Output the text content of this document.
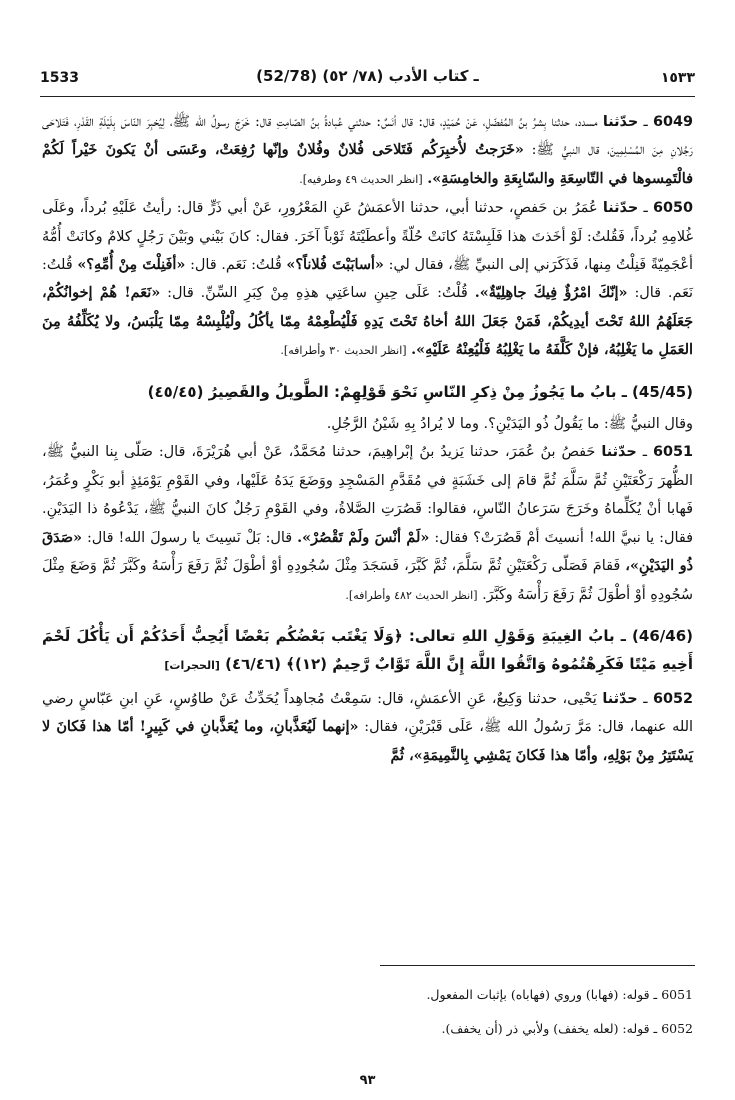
1533	(52/78) ـ كتاب الأدب (٧٨/ ٥٢)	١٥٣٣

6049 ـ حدّثنا مسدد، حدثنا بِشرُ بنُ المُفضّلِ، عَنْ حُمَيْدٍ، قال: قال أنَسٌ: حدثني عُبادةُ بنُ الصّامِتِ قال: خَرَجَ رسولُ الله ﷺ، لِيُخبِرَ النّاسَ بِلَيْلَةِ القَدْرِ، فَتَلاحَى رَجُلانِ مِنَ المُسْلِمِينَ، قال النبيُّ ﷺ: «خَرَجتُ لأُخبِرَكُم فَتَلاحَى فُلانٌ وفُلانٌ وإنّها رُفِعَتْ، وعَسَى أنْ يَكونَ خَيْراً لَكُمْ فالْتَمِسوها في التّاسِعَةِ والسّابِعَةِ والخامِسَةِ». [انظر الحديث ٤٩ وطرفيه].

6050 ـ حدّثنا عُمَرُ بن حَفصٍ، حدثنا أبي، حدثنا الأعمَشُ عَنِ المَعْرُورِ، عَنْ أبي ذَرٍّ قال: رأيتُ عَلَيْهِ بُرداً، وعَلَى غُلامِهِ بُرداً، فَقُلتُ: لَوْ أخَذتَ هذا فَلَبِسْتَهُ كانَتْ حُلّةً وأعطَيْتَهُ ثَوْباً آخَرَ. فقال: كانَ بَيْني وبَيْنَ رَجُلٍ كلامٌ وكانَتْ أُمُّهُ أعْجَمِيّةً فَنِلْتُ مِنها، فَذَكَرَني إلى النبيِّ ﷺ، فقال لي: «أسابَبْتَ فُلاناً؟» قُلتُ: نَعَم. قال: «أفَنِلْتَ مِنْ أُمِّهِ؟» قُلتُ: نَعَم. قال: «إنّكَ امْرُؤٌ فِيكَ جاهِلِيّةٌ». قُلْتُ: عَلَى حِينِ ساعَتِي هذِهِ مِنْ كِبَرِ السِّنِّ. قال: «نَعَم! هُمْ إخوانُكُمْ، جَعَلَهُمُ اللهُ تَحْتَ أيدِيكُمْ، فَمَنْ جَعَلَ اللهُ أخاهُ تَحْتَ يَدِهِ فَلْيُطْعِمْهُ مِمّا يأكُلُ ولْيُلْبِسْهُ مِمّا يَلْبَسُ، ولا يُكَلِّفُهُ مِنَ العَمَلِ ما يَغْلِبُهُ، فإنْ كَلَّفَهُ ما يَغْلِبُهُ فَلْيُعِنْهُ عَلَيْهِ». [انظر الحديث ٣٠ وأطرافه].

(45/45) ـ بابُ ما يَجُوزُ مِنْ ذِكرِ النّاسِ نَحْوَ قَوْلِهِمْ: الطَّويلُ والقَصِيرُ (٤٥/٤٥)

وقال النبيُّ ﷺ: ما يَقُولُ ذُو اليَدَيْنِ؟. وما لا يُرادُ بِهِ شَيْنُ الرَّجُلِ.

6051 ـ حدّثنا حَفصُ بنُ عُمَرَ، حدثنا يَزيدُ بنُ إبْراهِيمَ، حدثنا مُحَمَّدٌ، عَنْ أبي هُرَيْرَةَ، قال: صَلّى بِنا النبيُّ ﷺ، الظُّهرَ رَكْعَتَيْنِ ثُمَّ سَلَّمَ ثُمَّ قامَ إلى خَشَبَةٍ في مُقَدَّمِ المَسْجِدِ ووَضَعَ يَدَهُ عَلَيْها، وفي القَوْمِ يَوْمَئِذٍ أبو بَكْرٍ وعُمَرُ، فَهابا أنْ يُكَلِّماهُ وخَرَجَ سَرَعانُ النّاسِ، فقالوا: قَصُرَتِ الصَّلاةُ، وفي القَوْمِ رَجُلٌ كانَ النبيُّ ﷺ، يَدْعُوهُ ذا اليَدَيْنِ. فقال: يا نبيَّ الله! أنسيتَ أمْ قَصُرَتْ؟ فقال: «لَمْ أنْسَ ولَمْ تَقْصُرْ». قال: بَلْ نَسِيتَ يا رسولَ الله! قال: «صَدَقَ ذُو اليَدَيْنِ»، فَقامَ فَصَلّى رَكْعَتَيْنِ ثُمَّ سَلَّمَ، ثُمَّ كَبَّرَ، فَسَجَدَ مِثْلَ سُجُودِهِ أوْ أطْوَلَ ثُمَّ رَفَعَ رَأْسَهُ وكَبَّرَ ثُمَّ وَضَعَ مِثْلَ سُجُودِهِ أوْ أطْوَلَ ثُمَّ رَفَعَ رَأْسَهُ وكَبَّرَ. [انظر الحديث ٤٨٢ وأطرافه].

(46/46) ـ بابُ الغِيبَةِ وَقَوْلِ اللهِ تعالى: ﴿وَلَا يَغْتَب بَعْضُكُم بَعْضًا أَيُحِبُّ أَحَدُكُمْ أَن يَأْكُلَ لَحْمَ أَخِيهِ مَيْتًا فَكَرِهْتُمُوهُ وَاتَّقُوا اللَّهَ إِنَّ اللَّهَ تَوَّابٌ رَّحِيمٌ (١٢)﴾ (٤٦/٤٦) [الحجرات]

6052 ـ حدّثنا يَحْيى، حدثنا وَكِيعٌ، عَنِ الأعمَشِ، قال: سَمِعْتُ مُجاهِداً يُحَدِّثُ عَنْ طاوُسٍ، عَنِ ابنِ عَبّاسٍ رضي الله عنهما، قال: مَرَّ رَسُولُ الله ﷺ، عَلَى قَبْرَيْنِ، فقال: «إنهما لَيُعَذَّبانِ، وما يُعَذَّبانِ في كَبِيرٍ! أمّا هذا فَكانَ لا يَسْتَتِرُ مِنْ بَوْلِهِ، وأمّا هذا فَكانَ يَمْشِي بِالنَّمِيمَةِ»، ثُمَّ

6051 ـ قوله: (فهابا) وروي (فهاباه) بإثبات المفعول.

6052 ـ قوله: (لعله يخفف) ولأبي ذر (أن يخفف).

٩٣
